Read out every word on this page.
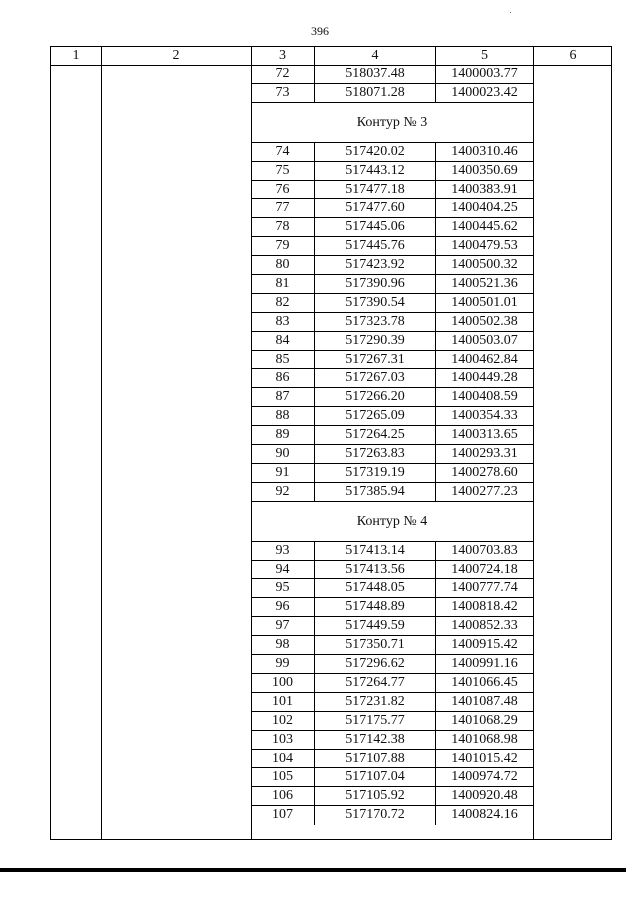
396
1	2	3	4	5	6
72	518037.48	1400003.77
73	518071.28	1400023.42
Контур № 3
74	517420.02	1400310.46
75	517443.12	1400350.69
76	517477.18	1400383.91
77	517477.60	1400404.25
78	517445.06	1400445.62
79	517445.76	1400479.53
80	517423.92	1400500.32
81	517390.96	1400521.36
82	517390.54	1400501.01
83	517323.78	1400502.38
84	517290.39	1400503.07
85	517267.31	1400462.84
86	517267.03	1400449.28
87	517266.20	1400408.59
88	517265.09	1400354.33
89	517264.25	1400313.65
90	517263.83	1400293.31
91	517319.19	1400278.60
92	517385.94	1400277.23
Контур № 4
93	517413.14	1400703.83
94	517413.56	1400724.18
95	517448.05	1400777.74
96	517448.89	1400818.42
97	517449.59	1400852.33
98	517350.71	1400915.42
99	517296.62	1400991.16
100	517264.77	1401066.45
101	517231.82	1401087.48
102	517175.77	1401068.29
103	517142.38	1401068.98
104	517107.88	1401015.42
105	517107.04	1400974.72
106	517105.92	1400920.48
107	517170.72	1400824.16
